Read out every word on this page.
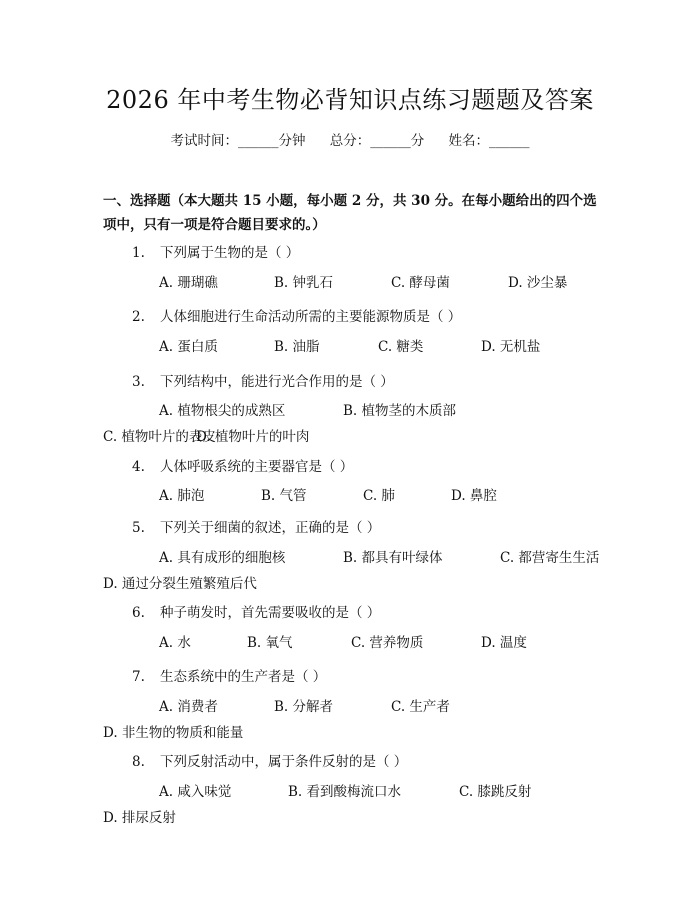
2026 年中考生物必背知识点练习题题及答案
考试时间：______分钟 总分：______分 姓名：______
一、选择题（本大题共 15 小题，每小题 2 分，共 30 分。在每小题给出的四个选项中，只有一项是符合题目要求的。）
1. 下列属于生物的是（ ）
A. 珊瑚礁	B. 钟乳石	C. 酵母菌	D. 沙尘暴
2. 人体细胞进行生命活动所需的主要能源物质是（ ）
A. 蛋白质	B. 油脂	C. 糖类	D. 无机盐
3. 下列结构中，能进行光合作用的是（ ）
A. 植物根尖的成熟区	B. 植物茎的木质部C. 植物叶片的表皮D. 植物叶片的叶肉
4. 人体呼吸系统的主要器官是（ ）
A. 肺泡	B. 气管	C. 肺	D. 鼻腔
5. 下列关于细菌的叙述，正确的是（ ）
A. 具有成形的细胞核	B. 都具有叶绿体	C. 都营寄生生活D. 通过分裂生殖繁殖后代
6. 种子萌发时，首先需要吸收的是（ ）
A. 水	B. 氧气	C. 营养物质	D. 温度
7. 生态系统中的生产者是（ ）
A. 消费者	B. 分解者	C. 生产者D. 非生物的物质和能量
8. 下列反射活动中，属于条件反射的是（ ）
A. 咸入味觉	B. 看到酸梅流口水	C. 膝跳反射D. 排尿反射
